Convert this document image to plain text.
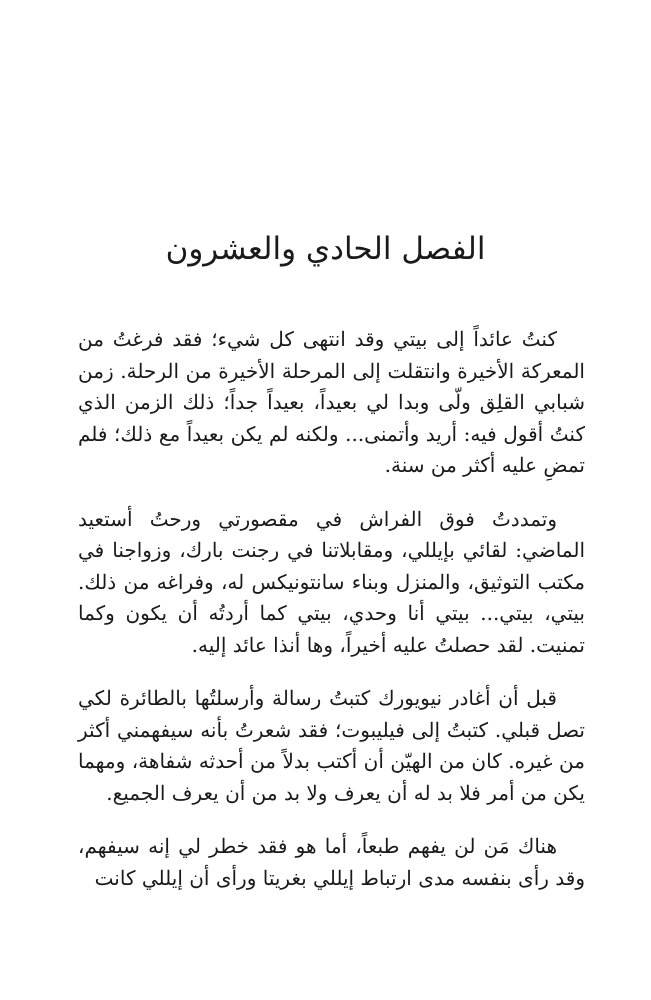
الفصل الحادي والعشرون

كنتُ عائداً إلى بيتي وقد انتهى كل شيء؛ فقد فرغتُ من المعركة الأخيرة وانتقلت إلى المرحلة الأخيرة من الرحلة. زمن شبابي القلِق ولّى وبدا لي بعيداً، بعيداً جداً؛ ذلك الزمن الذي كنتُ أقول فيه: أريد وأتمنى... ولكنه لم يكن بعيداً مع ذلك؛ فلم تمضِ عليه أكثر من سنة.

وتمددتُ فوق الفراش في مقصورتي ورحتُ أستعيد الماضي: لقائي بإيللي، ومقابلاتنا في رجنت بارك، وزواجنا في مكتب التوثيق، والمنزل وبناء سانتونيكس له، وفراغه من ذلك. بيتي، بيتي... بيتي أنا وحدي، بيتي كما أردتُه أن يكون وكما تمنيت. لقد حصلتُ عليه أخيراً، وها أنذا عائد إليه.

قبل أن أغادر نيويورك كتبتُ رسالة وأرسلتُها بالطائرة لكي تصل قبلي. كتبتُ إلى فيليبوت؛ فقد شعرتُ بأنه سيفهمني أكثر من غيره. كان من الهيّن أن أكتب بدلاً من أحدثه شفاهة، ومهما يكن من أمر فلا بد له أن يعرف ولا بد من أن يعرف الجميع.

هناك مَن لن يفهم طبعاً، أما هو فقد خطر لي إنه سيفهم، وقد رأى بنفسه مدى ارتباط إيللي بغريتا ورأى أن إيللي كانت
